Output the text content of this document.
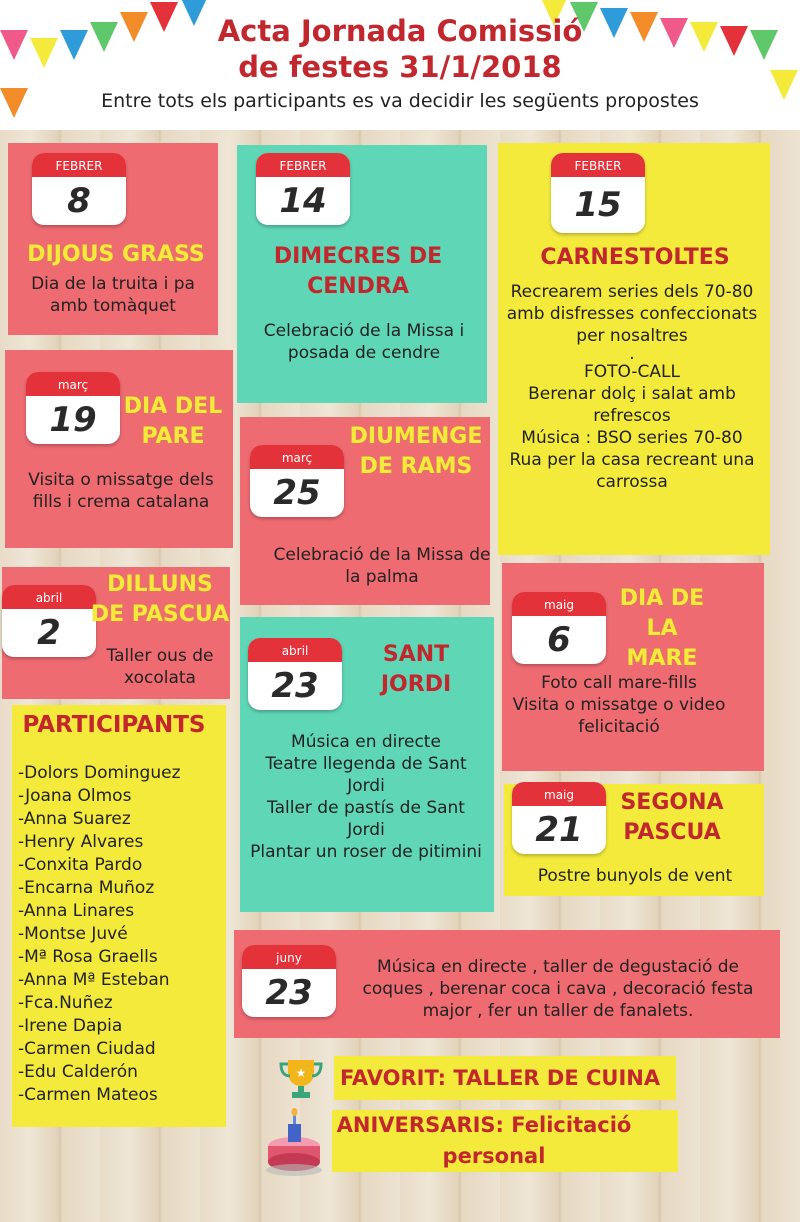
Acta Jornada Comissió
de festes 31/1/2018
Entre tots els participants es va decidir les següents propostes
FEBRER
8
DIJOUS GRASS
Dia de la truita i pa amb tomàquet
març
19	DIA DEL PARE
Visita o missatge dels fills i crema catalana
abril
2
DILLUNS DE PASCUA
Taller ous de xocolata
PARTICIPANTS
-Dolors Dominguez
-Joana Olmos
-Anna Suarez
-Henry Alvares
-Conxita Pardo
-Encarna Muñoz
-Anna Linares
-Montse Juvé
-Mª Rosa Graells
-Anna Mª Esteban
-Fca.Nuñez
-Irene Dapia
-Carmen Ciudad
-Edu Calderón
-Carmen Mateos
FEBRER
14
DIMECRES DE CENDRA
Celebració de la Missa i posada de cendre
març
25
DIUMENGE DE RAMS
Celebració de la Missa de la palma
abril
23
SANT JORDI
Música en directe
Teatre llegenda de Sant Jordi
Taller de pastís de Sant Jordi
Plantar un roser de pitimini
FEBRER
15
CARNESTOLTES
Recrearem series dels 70-80 amb disfresses confeccionats per nosaltres
.
FOTO-CALL
Berenar dolç i salat amb refrescos
Música : BSO series 70-80
Rua per la casa recreant una carrossa
maig
6
DIA DE LA MARE
Foto call mare-fills
Visita o missatge o video felicitació
maig
21
SEGONA PASCUA
Postre bunyols de vent
juny
23
Música en directe , taller de degustació de coques , berenar coca i cava , decoració festa major , fer un taller de fanalets.
★ FAVORIT: TALLER DE CUINA
ANIVERSARIS: Felicitació
personal
